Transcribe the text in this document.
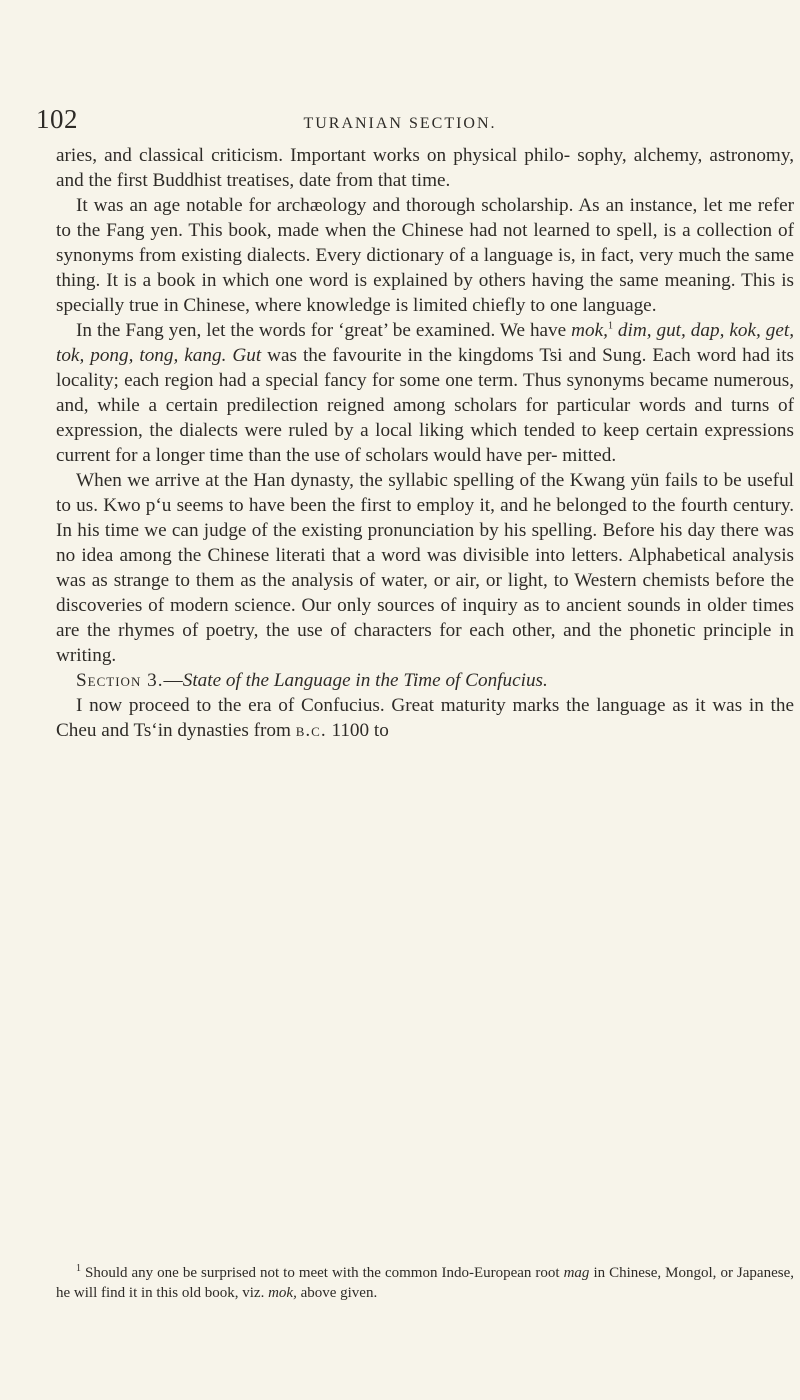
102	TURANIAN SECTION.

aries, and classical criticism. Important works on physical philo- sophy, alchemy, astronomy, and the first Buddhist treatises, date from that time.

It was an age notable for archæology and thorough scholarship. As an instance, let me refer to the Fang yen. This book, made when the Chinese had not learned to spell, is a collection of synonyms from existing dialects. Every dictionary of a language is, in fact, very much the same thing. It is a book in which one word is explained by others having the same meaning. This is specially true in Chinese, where knowledge is limited chiefly to one language.

In the Fang yen, let the words for ‘great’ be examined. We have mok,$^1$ dim, gut, dap, kok, get, tok, pong, tong, kang. Gut was the favourite in the kingdoms Tsi and Sung. Each word had its locality; each region had a special fancy for some one term. Thus synonyms became numerous, and, while a certain predilection reigned among scholars for particular words and turns of expression, the dialects were ruled by a local liking which tended to keep certain expressions current for a longer time than the use of scholars would have per- mitted.

When we arrive at the Han dynasty, the syllabic spelling of the Kwang yün fails to be useful to us. Kwo p‘u seems to have been the first to employ it, and he belonged to the fourth century. In his time we can judge of the existing pronunciation by his spelling. Before his day there was no idea among the Chinese literati that a word was divisible into letters. Alphabetical analysis was as strange to them as the analysis of water, or air, or light, to Western chemists before the discoveries of modern science. Our only sources of inquiry as to ancient sounds in older times are the rhymes of poetry, the use of characters for each other, and the phonetic principle in writing.

Section 3.—State of the Language in the Time of Confucius.

I now proceed to the era of Confucius. Great maturity marks the language as it was in the Cheu and Ts‘in dynasties from b.c. 1100 to

$^1$ Should any one be surprised not to meet with the common Indo-European root mag in Chinese, Mongol, or Japanese, he will find it in this old book, viz. mok, above given.
